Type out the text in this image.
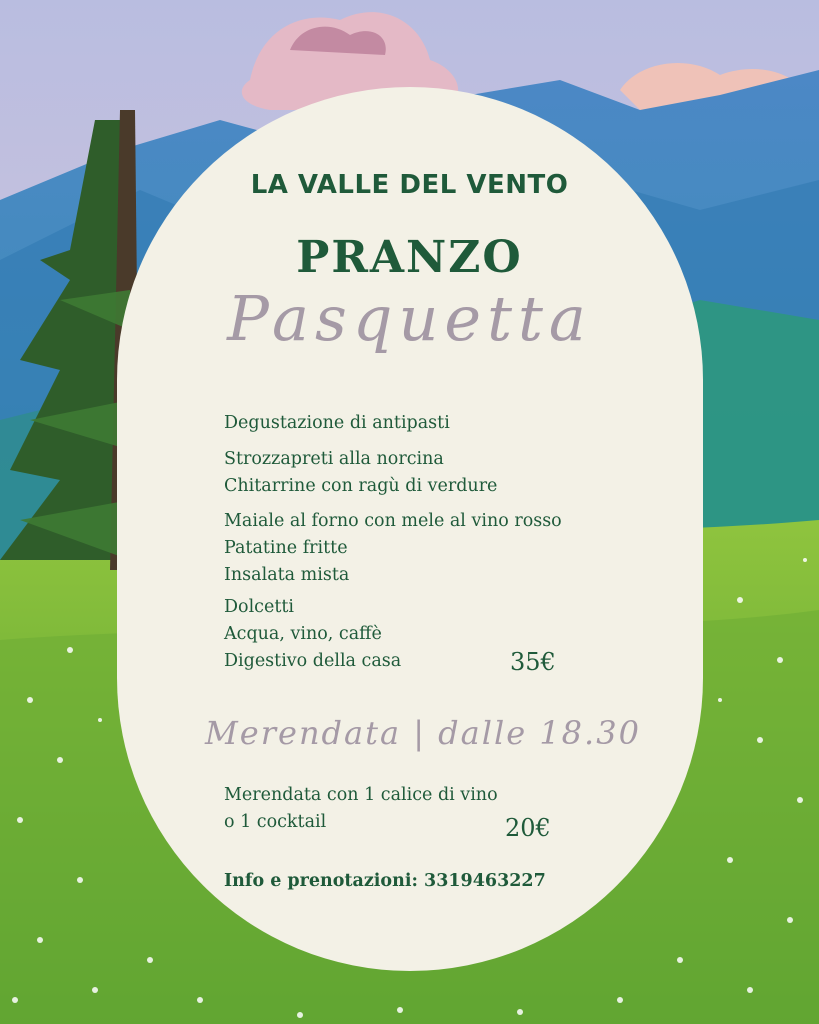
LA VALLE DEL VENTO
PRANZO
Pasquetta
Degustazione di antipasti
Strozzapreti alla norcina
Chitarrine con ragù di verdure
Maiale al forno con mele al vino rosso
Patatine fritte
Insalata mista
Dolcetti
Acqua, vino, caffè
Digestivo della casa	35€
Merendata | dalle 18.30
Merendata con 1 calice di vino
o 1 cocktail	20€
Info e prenotazioni: 3319463227
